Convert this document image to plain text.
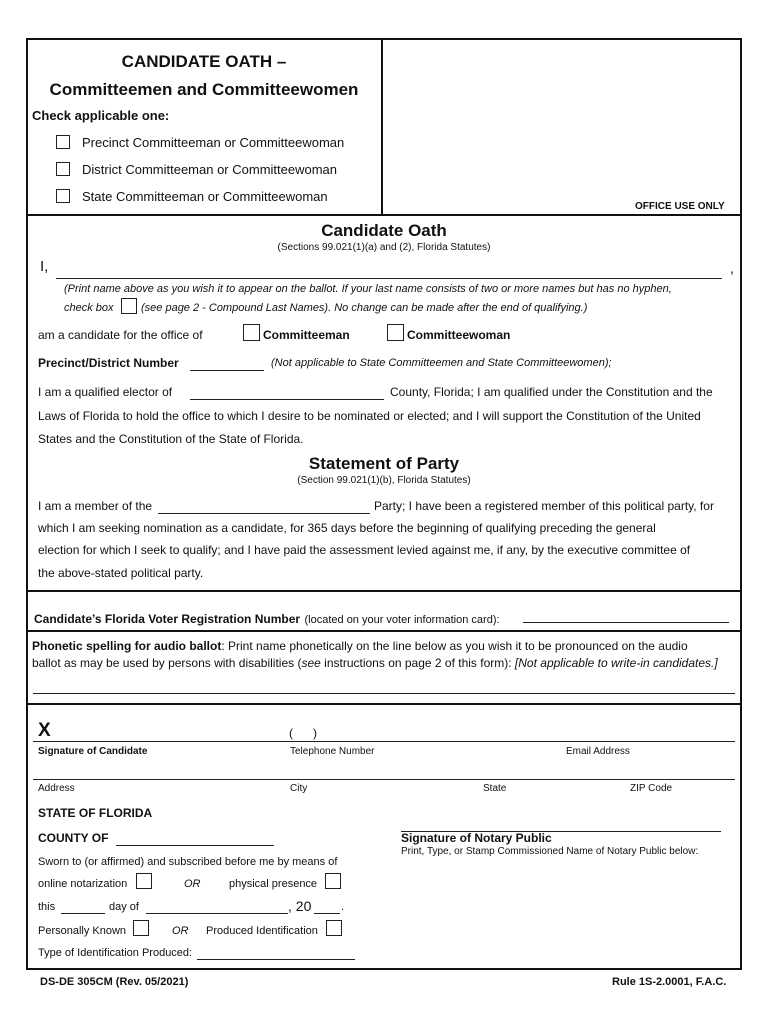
CANDIDATE OATH –
Committeemen and Committeewomen
Check applicable one:
Precinct Committeeman or Committeewoman
District Committeeman or Committeewoman
State Committeeman or Committeewoman
OFFICE USE ONLY
Candidate Oath
(Sections 99.021(1)(a) and (2), Florida Statutes)
I,	,
(Print name above as you wish it to appear on the ballot. If your last name consists of two or more names but has no hyphen,
check box (see page 2 - Compound Last Names). No change can be made after the end of qualifying.)
am a candidate for the office of	Committeeman	Committeewoman
Precinct/District Number	(Not applicable to State Committeemen and State Committeewomen);
I am a qualified elector of	County, Florida; I am qualified under the Constitution and the
Laws of Florida to hold the office to which I desire to be nominated or elected; and I will support the Constitution of the United
States and the Constitution of the State of Florida.
Statement of Party
(Section 99.021(1)(b), Florida Statutes)
I am a member of the	Party; I have been a registered member of this political party, for
which I am seeking nomination as a candidate, for 365 days before the beginning of qualifying preceding the general
election for which I seek to qualify; and I have paid the assessment levied against me, if any, by the executive committee of
the above-stated political party.
Candidate’s Florida Voter Registration Number (located on your voter information card):
Phonetic spelling for audio ballot: Print name phonetically on the line below as you wish it to be pronounced on the audio
ballot as may be used by persons with disabilities (see instructions on page 2 of this form): [Not applicable to write-in candidates.]
X	(      )
Signature of Candidate	Telephone Number	Email Address
Address	City	State	ZIP Code
STATE OF FLORIDA
COUNTY OF	Signature of Notary Public
Print, Type, or Stamp Commissioned Name of Notary Public below:
Sworn to (or affirmed) and subscribed before me by means of
online notarization	OR	physical presence
this	day of	, 20	.
Personally Known	OR Produced Identification
Type of Identification Produced:
DS-DE 305CM (Rev. 05/2021)	Rule 1S-2.0001, F.A.C.
